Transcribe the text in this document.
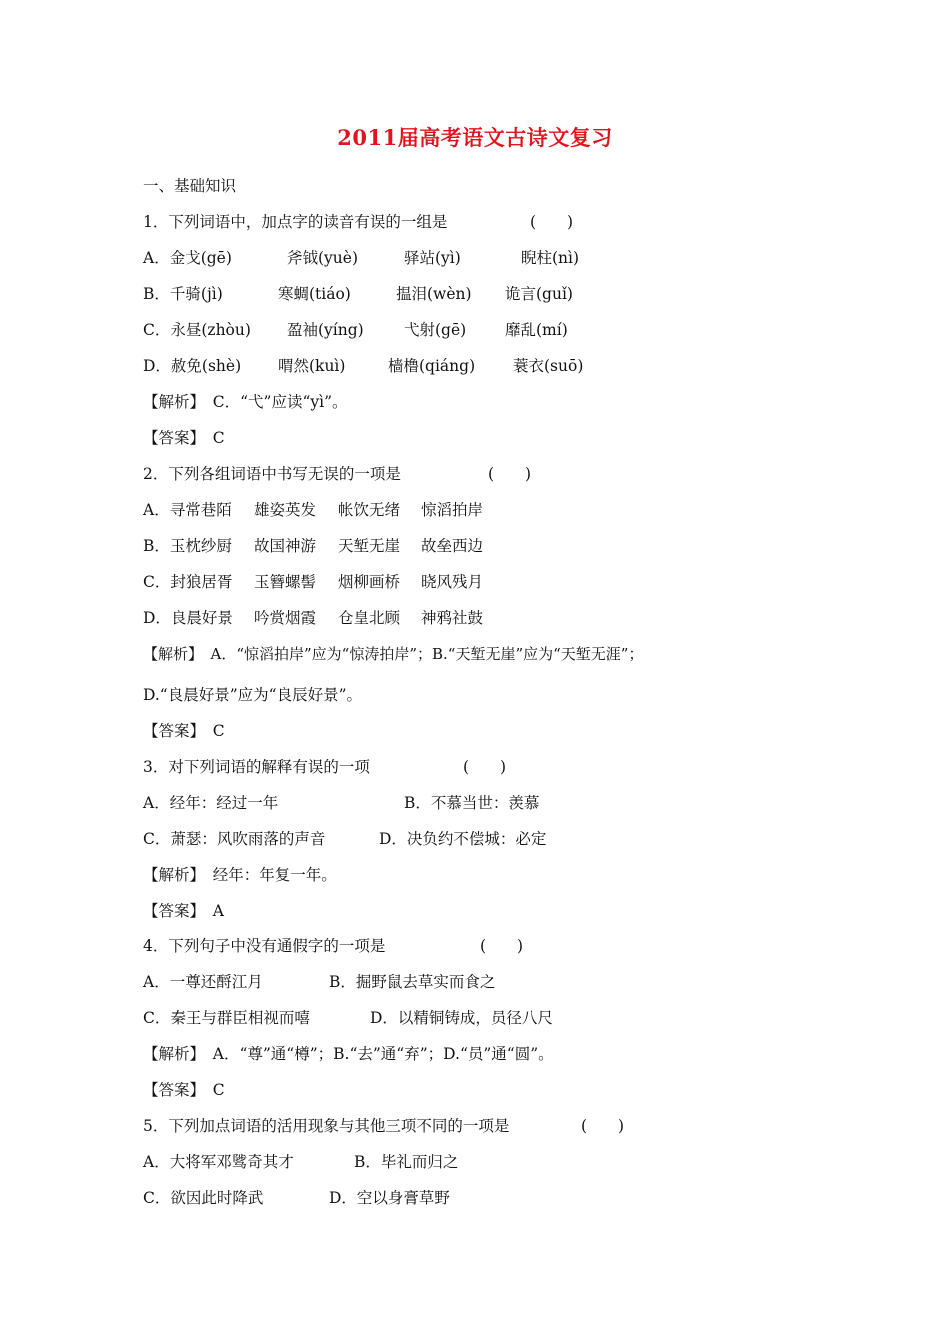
2011届高考语文古诗文复习
一、基础知识
1．下列词语中，加点字的读音有误的一组是	(　　)
A．金戈(gē)	斧钺(yuè)	驿站(yì)	睨柱(nì)
B．千骑(jì)	寒蜩(tiáo)	揾泪(wèn) 诡言(guǐ)
C．永昼(zhòu) 盈袖(yíng)	弋射(gē)	靡乱(mí)
D．赦免(shè) 喟然(kuì)	樯橹(qiáng) 蓑衣(suō)
【解析】　C．“弋”应读“yì”。
【答案】　C
2．下列各组词语中书写无误的一项是	(　　)
A．寻常巷陌 雄姿英发 帐饮无绪 惊滔拍岸
B．玉枕纱厨 故国神游 天堑无崖 故垒西边
C．封狼居胥 玉簪螺髻 烟柳画桥 晓风残月
D．良晨好景 吟赏烟霞 仓皇北顾 神鸦社鼓
【解析】　A．“惊滔拍岸”应为“惊涛拍岸”；B.“天堑无崖”应为“天堑无涯”；
D.“良晨好景”应为“良辰好景”。
【答案】　C
3．对下列词语的解释有误的一项	(　　)
A．经年：经过一年	B．不慕当世：羡慕
C．萧瑟：风吹雨落的声音	D．决负约不偿城：必定
【解析】　经年：年复一年。
【答案】　A
4．下列句子中没有通假字的一项是	(　　)
A．一尊还酹江月	B．掘野鼠去草实而食之
C．秦王与群臣相视而嘻	D．以精铜铸成，员径八尺
【解析】　A．“尊”通“樽”；B.“去”通“弃”；D.“员”通“圆”。
【答案】　C
5．下列加点词语的活用现象与其他三项不同的一项是	(　　)
A．大将军邓骘奇其才	B．毕礼而归之
C．欲因此时降武	D．空以身膏草野
